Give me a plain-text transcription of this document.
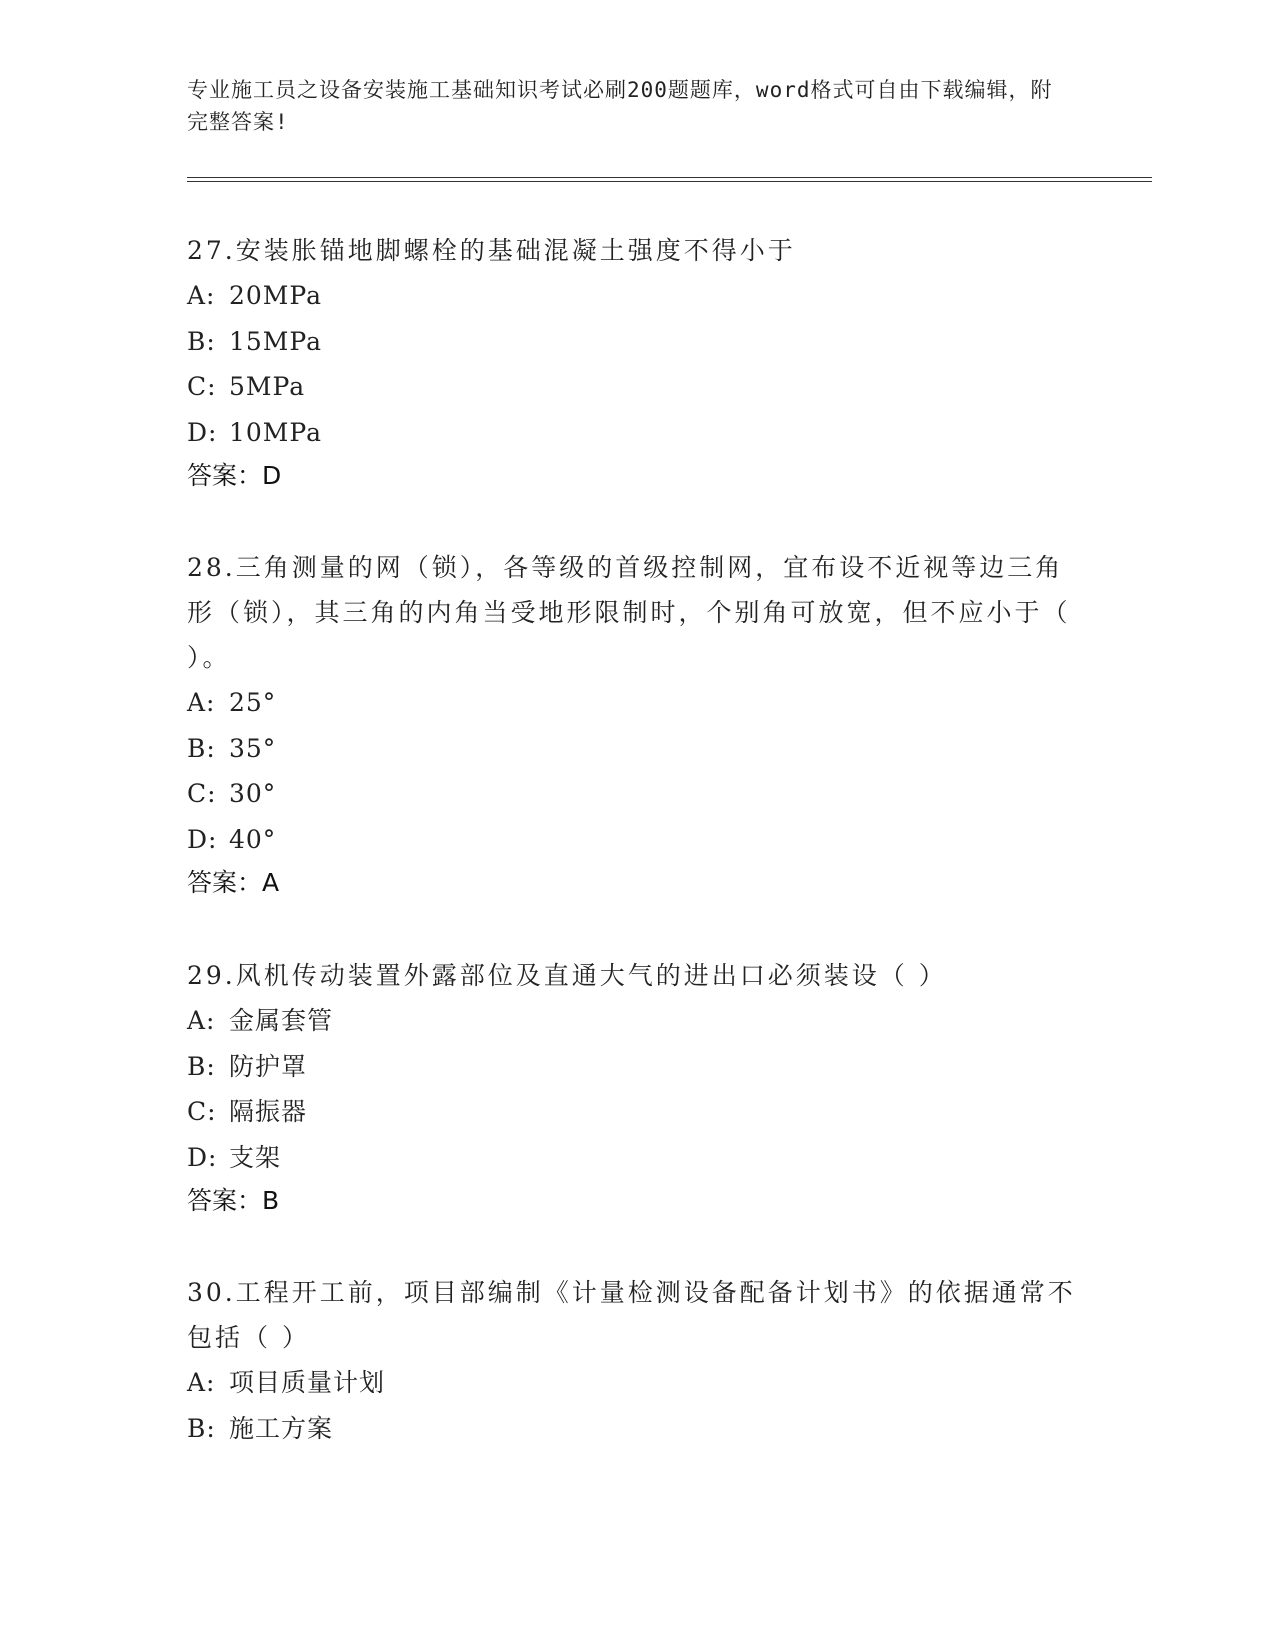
专业施工员之设备安装施工基础知识考试必刷200题题库，word格式可自由下载编辑，附完整答案!

27.安装胀锚地脚螺栓的基础混凝土强度不得小于

A: 20MPa

B: 15MPa

C: 5MPa

D: 10MPa

答案：D

28.三角测量的网（锁），各等级的首级控制网，宜布设不近视等边三角形（锁），其三角的内角当受地形限制时，个别角可放宽，但不应小于（ ）。

A: 25°

B: 35°

C: 30°

D: 40°

答案：A

29.风机传动装置外露部位及直通大气的进出口必须装设（ ）

A: 金属套管

B: 防护罩

C: 隔振器

D: 支架

答案：B

30.工程开工前，项目部编制《计量检测设备配备计划书》的依据通常不包括（ ）

A: 项目质量计划

B: 施工方案
